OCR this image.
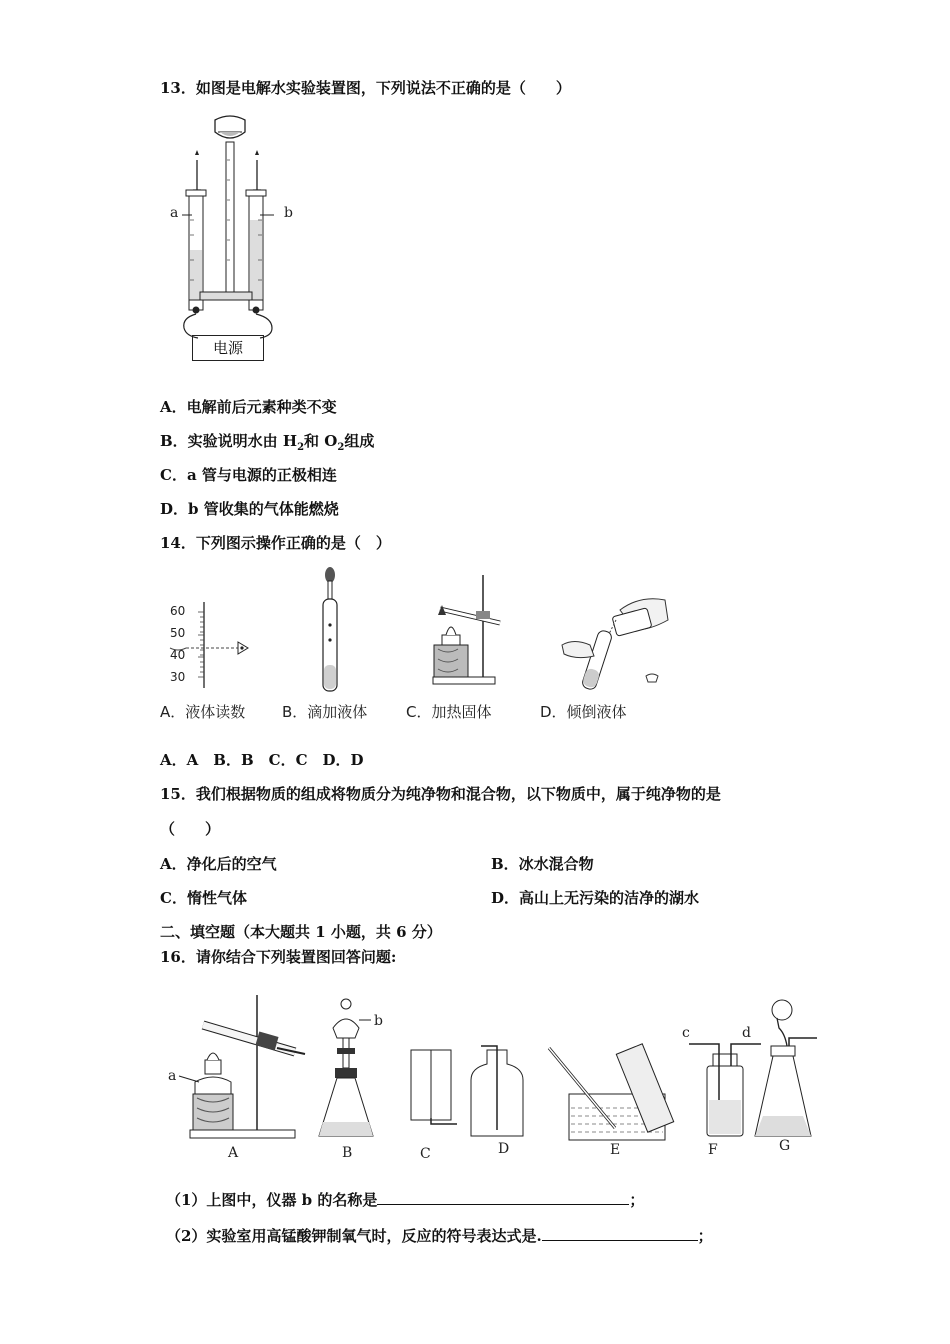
13．如图是电解水实验装置图，下列说法不正确的是（　　）
a	b
电源
A．电解前后元素种类不变
B．实验说明水由 $H_2$和 $O_2$组成
C．a 管与电源的正极相连
D．b 管收集的气体能燃烧
14．下列图示操作正确的是（　）
60
50
40
30
A．液体读数 B．滴加液体	C．加热固体	D．倾倒液体
A．A　B．B　C．C　D．D
15．我们根据物质的组成将物质分为纯净物和混合物，以下物质中，属于纯净物的是
（　　）
A．净化后的空气	B．冰水混合物
C．惰性气体	D．高山上无污染的洁净的湖水
二、填空题（本大题共 1 小题，共 6 分）
16．请你结合下列装置图回答问题:
a
b
c	d
A	B	C	D	E	F	G
（1）上图中，仪器 b 的名称是	；
（2）实验室用高锰酸钾制氧气时，反应的符号表达式是.	；
